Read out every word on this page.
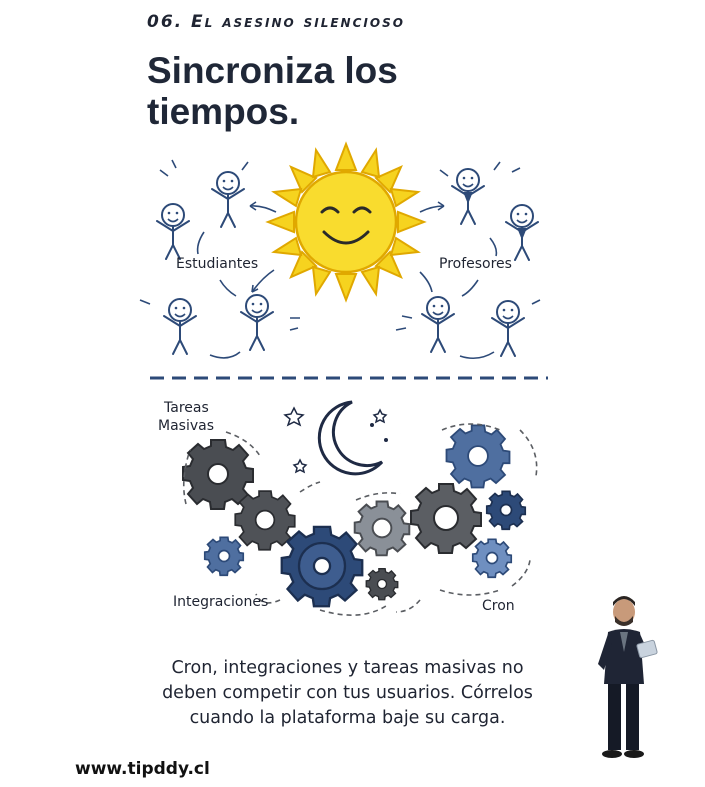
06. El asesino silencioso
Sincroniza los tiempos.
Estudiantes	Profesores
Tareas
Masivas
Integraciones	Cron
Cron, integraciones y tareas masivas no
deben competir con tus usuarios. Córrelos
cuando la plataforma baje su carga.
www.tipddy.cl
